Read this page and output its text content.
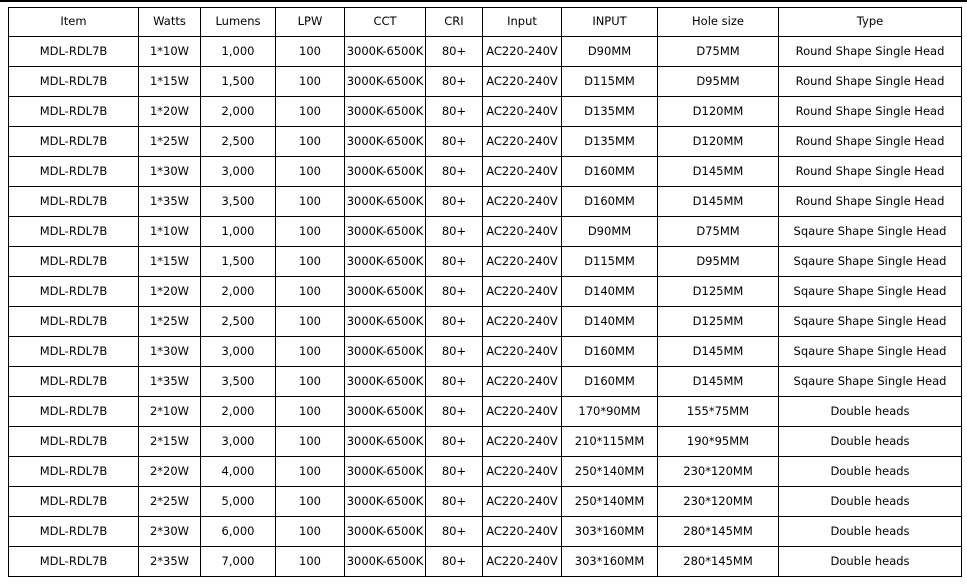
Item	Watts	Lumens	LPW	CCT	CRI	Input	INPUT	Hole size	Type
MDL-RDL7B	1*10W	1,000	100	3000K-6500K	80+	AC220-240V	D90MM	D75MM	Round Shape Single Head
MDL-RDL7B	1*15W	1,500	100	3000K-6500K	80+	AC220-240V	D115MM	D95MM	Round Shape Single Head
MDL-RDL7B	1*20W	2,000	100	3000K-6500K	80+	AC220-240V	D135MM	D120MM	Round Shape Single Head
MDL-RDL7B	1*25W	2,500	100	3000K-6500K	80+	AC220-240V	D135MM	D120MM	Round Shape Single Head
MDL-RDL7B	1*30W	3,000	100	3000K-6500K	80+	AC220-240V	D160MM	D145MM	Round Shape Single Head
MDL-RDL7B	1*35W	3,500	100	3000K-6500K	80+	AC220-240V	D160MM	D145MM	Round Shape Single Head
MDL-RDL7B	1*10W	1,000	100	3000K-6500K	80+	AC220-240V	D90MM	D75MM	Sqaure Shape Single Head
MDL-RDL7B	1*15W	1,500	100	3000K-6500K	80+	AC220-240V	D115MM	D95MM	Sqaure Shape Single Head
MDL-RDL7B	1*20W	2,000	100	3000K-6500K	80+	AC220-240V	D140MM	D125MM	Sqaure Shape Single Head
MDL-RDL7B	1*25W	2,500	100	3000K-6500K	80+	AC220-240V	D140MM	D125MM	Sqaure Shape Single Head
MDL-RDL7B	1*30W	3,000	100	3000K-6500K	80+	AC220-240V	D160MM	D145MM	Sqaure Shape Single Head
MDL-RDL7B	1*35W	3,500	100	3000K-6500K	80+	AC220-240V	D160MM	D145MM	Sqaure Shape Single Head
MDL-RDL7B	2*10W	2,000	100	3000K-6500K	80+	AC220-240V	170*90MM	155*75MM	Double heads
MDL-RDL7B	2*15W	3,000	100	3000K-6500K	80+	AC220-240V	210*115MM	190*95MM	Double heads
MDL-RDL7B	2*20W	4,000	100	3000K-6500K	80+	AC220-240V	250*140MM	230*120MM	Double heads
MDL-RDL7B	2*25W	5,000	100	3000K-6500K	80+	AC220-240V	250*140MM	230*120MM	Double heads
MDL-RDL7B	2*30W	6,000	100	3000K-6500K	80+	AC220-240V	303*160MM	280*145MM	Double heads
MDL-RDL7B	2*35W	7,000	100	3000K-6500K	80+	AC220-240V	303*160MM	280*145MM	Double heads
